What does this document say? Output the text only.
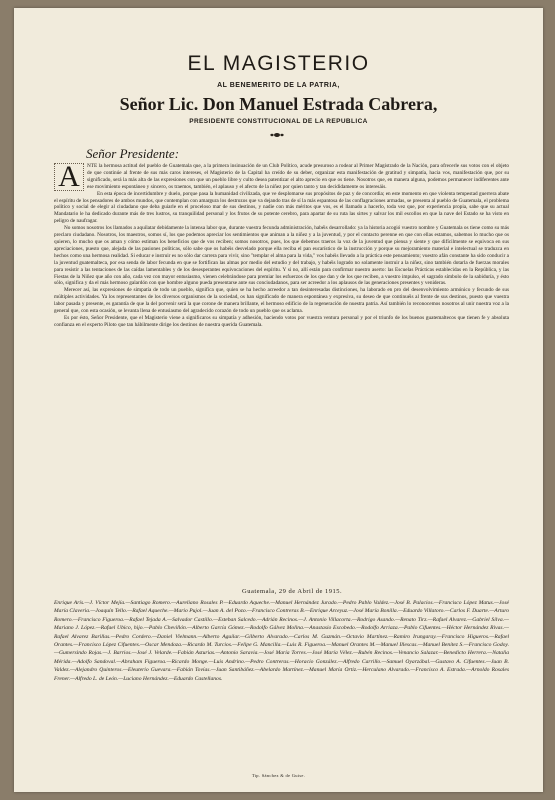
EL MAGISTERIO
AL BENEMERITO DE LA PATRIA,
Señor Lic. Don Manuel Estrada Cabrera,
PRESIDENTE CONSTITUCIONAL DE LA REPUBLICA
Señor Presidente:

A	NTE la hermosa actitud del pueblo de Guatemala que, a la primera insinuación de un Club Político, acude presuroso a rodear al Primer Magistrado de la Nación, para ofrecerle sus votos con el objeto de que continúe al frente de sus más caros intereses, el Magisterio de la Capital ha creído de su deber, organizar esta manifestación de gratitud y simpatía, hacia vos, manifestación que, por su significado, será la más alta de las expresiones con que un pueblo libre y culto desea patentizar el alto aprecio en que os tiene. Nosotros que, en manera alguna, podemos permanecer indiferentes ante ese movimiento espontáneo y sincero, os traemos, también, el aplauso y el afecto de la niñez por quien tanto y tan decididamente os interesáis.

En esta época de incertidumbre y duelo, porque pasa la humanidad civilizada, que ve desplomarse sus propósitos de paz y de concordia; en este momento en que violenta tempestad guerrera abate el espíritu de los pensadores de ambos mundos, que contemplan con amargura los destrozos que va dejando tras de sí la más espantosa de las conflagraciones armadas, se presenta al pueblo de Guatemala, el problema político y social de elegir al ciudadano que deba guiarle en el proceloso mar de sus destinos, y nadie con más méritos que vos, es el llamado a hacerlo, toda vez que, por experiencia propia, sabe que su actual Mandatario le ha dedicado durante más de tres lustros, su tranquilidad personal y los frutos de su potente cerebro, para apartar de su ruta las sirtes y salvar los mil escollos en que la nave del Estado se ha visto en peligro de naufragar.

No somos nosotros los llamados a aquilatar debidamente la intensa labor que, durante vuestra fecunda administración, habéis desarrollado: ya la historia acogió vuestro nombre y Guatemala os tiene como su más preclaro ciudadano. Nosotros, los maestros, somos sí, los que podemos apreciar los sentimientos que animan a la niñez y a la juventud, y por el contacto perenne en que con ellas estamos, sabemos lo mucho que os quieren, lo mucho que os aman y cómo estiman los beneficios que de vos reciben; somos nosotros, pues, los que debemos traeros la voz de la juventud que piensa y siente y que difícilmente se equivoca en sus apreciaciones, puesto que, alejada de las pasiones políticas, sólo sabe que os habéis desvelado porque ella reciba el pan eucarístico de la instrucción y porque su mejoramiento material e intelectual se traduzca en hechos como una hermosa realidad. Si educar e instruir es no sólo dar carrera para vivir, sino "templar el alma para la vida," vos habéis llevado a la práctica este pensamiento; vuestro afán constante ha sido conducir a la juventud guatemalteca, por esa senda de labor fecunda en que se fortifican las almas por medio del estudio y del trabajo, y habéis logrado no solamente instruir a la niñez, sino también dotarla de fuerzas morales para resistir a las tentaciones de las caídas lamentables y de los desesperantes equivocaciones del espíritu. Y si no, allí están para confirmar nuestro aserto: las Escuelas Prácticas establecidas en la República, y las Fiestas de la Niñez que año con año, cada vez con mayor entusiasmo, vienen celebrándose para premiar los esfuerzos de los que dan y de los que reciben, a vuestro impulso, el sagrado símbolo de la sabiduría, y ésto sólo, significa y da el más hermoso galardón con que hombre alguno pueda presentarse ante sus conciudadanos, para ser acreedor a los aplausos de las generaciones presentes y venideras.

Merecer así, las expresiones de simpatía de todo un pueblo, significa que, quien se ha hecho acreedor a tan desinteresadas distinciones, ha laborado en pro del desenvolvimiento armónico y fecundo de sus múltiples actividades. Ya los representantes de los diversos organismos de la sociedad, os han significado de manera espontánea y expresiva, su deseo de que continuéis al frente de sus destinos, puesto que vuestra labor pasada y presente, es garantía de que la del porvenir será la que corone de manera brillante, el hermoso edificio de la regeneración de nuestra patria. Así también lo reconocemos nosotros al unir nuestra voz a la general que, con esta ocasión, se levanta llena de entusiasmo del agradecido corazón de todo un pueblo que os aclama.

Es por ésto, Señor Presidente, que el Magisterio viene a significaros su simpatía y adhesión, haciendo votos por vuestra ventura personal y por el triunfo de los buenos guatemaltecos que tienen fe y absoluta confianza en el experto Piloto que tan hábilmente dirige los destinos de nuestra querida Guatemala.

Guatemala, 29 de Abril de 1915.
Enrique Arís.—J. Víctor Mejía.—Santiago Romero.—Aureliano Rosales P.—Eduardo Aqueche.—Manuel Hernández Jurado.—Pedro Pablo Valdez.—José B. Palacios.—Francisco López Matus.—José María Claveria.—Joaquín Tello.—Rafael Aqueche.—Mario Pujol.—Juan A. del Pozo.—Francisco Contreras B.—Enrique Arceyuz.—José María Bonilla.—Eduardo Villatoro.—Carlos F. Duarte.—Arturo Romero.—Francisco Figueroa.—Rafael Tejada A.—Salvador Castillo.—Esteban Salcedo.—Adrián Recinos.—J. Antonio Villacorta.—Rodrigo Asando.—Renato Tirz.—Rafael Alvarez.—Gabriel Silva.—Mariano J. López.—Rafael Ubico, hijo.—Pablo Chevillón.—Alberto García Gómez.—Rodolfo Gálvez Molina.—Anastasio Escobedo.—Rodolfo Arriaza.—Pablo Cifuentes.—Héctor Hernández Rivas.—Rafael Alvarez Barillas.—Pedro Cordero.—Daniel Vielmann.—Alberto Aguilar.—Gilberto Alvarado.—Carlos M. Guzmán.—Octavio Martínez.—Ramiro Irungaray.—Francisco Higueros.—Rafael Orantes.—Francisco López Cifuentes.—Oscar Mendoza.—Ricardo M. Turcios.—Felipe G. Mancilla.—Luis R. Figueroa.—Manuel Orantes M.—Manuel Illescas.—Manuel Benítez S.—Francisco Godoy.—Gumersindo Rojas.—J. Barrios.—José J. Velarde.—Fabián Asturias.—Antonio Saravia.—José María Torres.—José María Vélez.—Rubén Recinos.—Venancio Salazar.—Benedicto Herrera.—Natalia Mérida.—Adolfo Sandoval.—Abraham Figueroa.—Ricardo Monge.—Luis Andrino.—Pedro Contreras.—Horacio González.—Alfredo Carrillo.—Samuel Oyarzábal.—Gustavo A. Cifuentes.—Juan B. Valdez.—Alejandro Quinteros.—Eleuterio Guevara.—Fabián Tovías.—Juan Santibáñez.—Abelardo Martínez.—Manuel María Ortiz.—Herculano Alvarado.—Francisco A. Estrada.—Arnoldo Rosales Frener.—Alfredo L. de León.—Luciano Hernández.—Eduardo Castellanos.
Tip. Sánchez & de Guise.
